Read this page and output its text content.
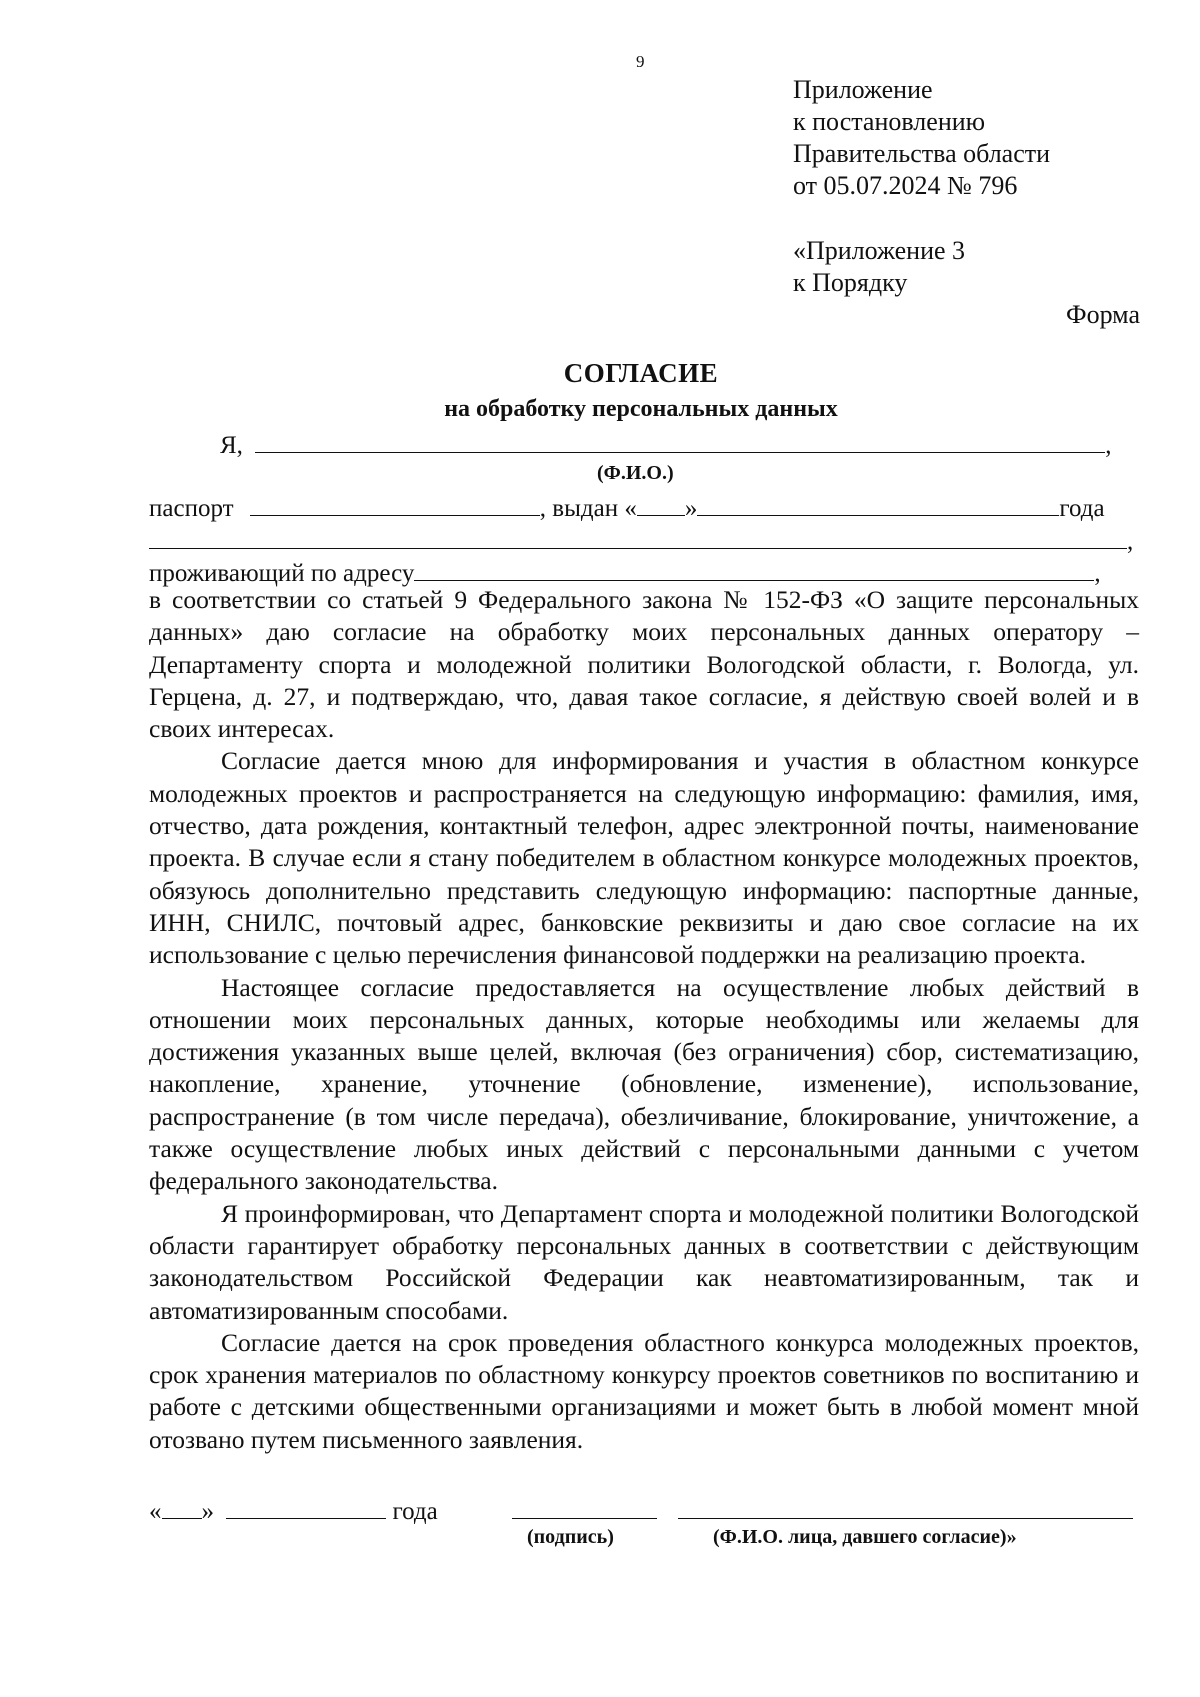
9
Приложение
к постановлению
Правительства области
от 05.07.2024 № 796
«Приложение 3
к Порядку
Форма
СОГЛАСИЕ
на обработку персональных данных
Я,	,
(Ф.И.О.)
паспорт	, выдан « »	года
,
проживающий по адресу	,

в соответствии со статьей 9 Федерального закона № 152-ФЗ «О защите персональных данных» даю согласие на обработку моих персональных данных оператору – Департаменту спорта и молодежной политики Вологодской области, г. Вологда, ул. Герцена, д. 27, и подтверждаю, что, давая такое согласие, я действую своей волей и в своих интересах.

Согласие дается мною для информирования и участия в областном конкурсе молодежных проектов и распространяется на следующую информацию: фамилия, имя, отчество, дата рождения, контактный телефон, адрес электронной почты, наименование проекта. В случае если я стану победителем в областном конкурсе молодежных проектов, обязуюсь дополнительно представить следующую информацию: паспортные данные, ИНН, СНИЛС, почтовый адрес, банковские реквизиты и даю свое согласие на их использование с целью перечисления финансовой поддержки на реализацию проекта.

Настоящее согласие предоставляется на осуществление любых действий в отношении моих персональных данных, которые необходимы или желаемы для достижения указанных выше целей, включая (без ограничения) сбор, систематизацию, накопление, хранение, уточнение (обновление, изменение), использование, распространение (в том числе передача), обезличивание, блокирование, уничтожение, а также осуществление любых иных действий с персональными данными с учетом федерального законодательства.

Я проинформирован, что Департамент спорта и молодежной политики Вологодской области гарантирует обработку персональных данных в соответствии с действующим законодательством Российской Федерации как неавтоматизированным, так и автоматизированным способами.

Согласие дается на срок проведения областного конкурса молодежных проектов, срок хранения материалов по областному конкурсу проектов советников по воспитанию и работе с детскими общественными организациями и может быть в любой момент мной отозвано путем письменного заявления.

« »	года
(подпись)	(Ф.И.О. лица, давшего согласие)»
